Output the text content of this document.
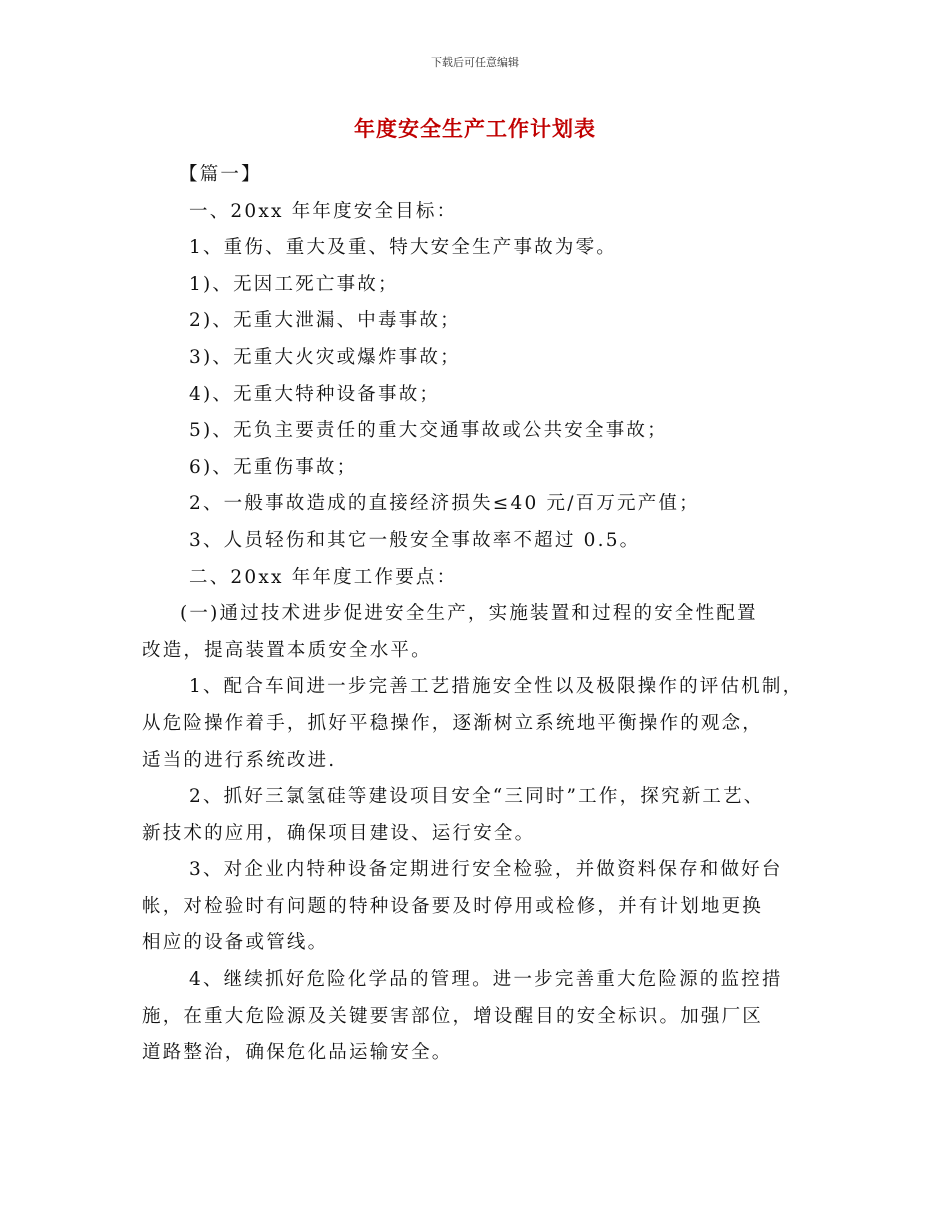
下载后可任意编辑
年度安全生产工作计划表
【篇一】
一、20xx 年年度安全目标：
1、重伤、重大及重、特大安全生产事故为零。
1)、无因工死亡事故；
2)、无重大泄漏、中毒事故；
3)、无重大火灾或爆炸事故；
4)、无重大特种设备事故；
5)、无负主要责任的重大交通事故或公共安全事故；
6)、无重伤事故；
2、一般事故造成的直接经济损失≤40 元/百万元产值；
3、人员轻伤和其它一般安全事故率不超过 0.5。
二、20xx 年年度工作要点：
(一)通过技术进步促进安全生产，实施装置和过程的安全性配置
改造，提高装置本质安全水平。
1、配合车间进一步完善工艺措施安全性以及极限操作的评估机制，
从危险操作着手，抓好平稳操作，逐渐树立系统地平衡操作的观念，
适当的进行系统改进.
2、抓好三氯氢硅等建设项目安全“三同时”工作，探究新工艺、
新技术的应用，确保项目建设、运行安全。
3、对企业内特种设备定期进行安全检验，并做资料保存和做好台
帐，对检验时有问题的特种设备要及时停用或检修，并有计划地更换
相应的设备或管线。
4、继续抓好危险化学品的管理。进一步完善重大危险源的监控措
施，在重大危险源及关键要害部位，增设醒目的安全标识。加强厂区
道路整治，确保危化品运输安全。
